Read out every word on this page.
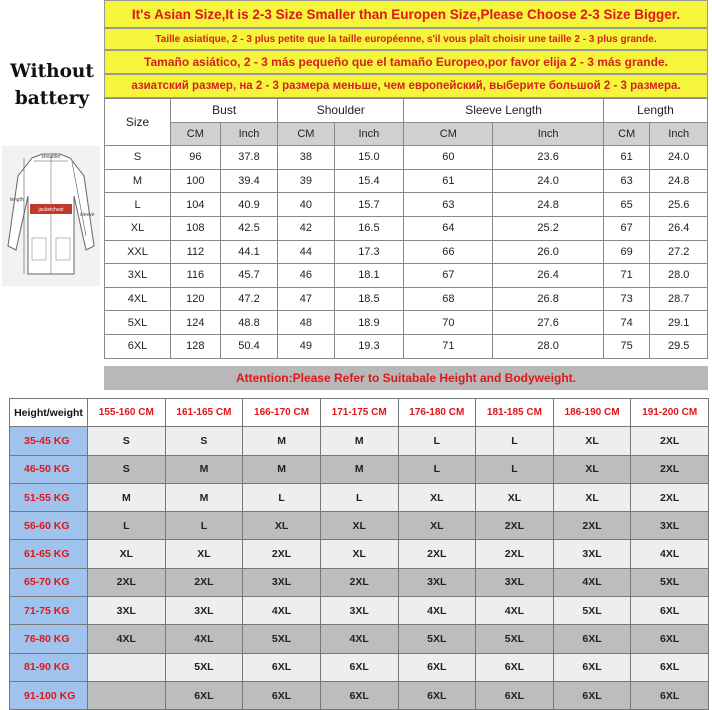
It's Asian Size,It is 2-3 Size Smaller than Europen Size,Please Choose 2-3 Size Bigger.
Taille asiatique, 2 - 3 plus petite que la taille européenne, s'il vous plaît choisir une taille 2 - 3 plus grande.
Tamaño asiático, 2 - 3 más pequeño que el tamaño Europeo,por favor elija 2 - 3 más grande.
азиатский размер, на 2 - 3 размера меньше, чем европейский, выберите большой 2 - 3 размера.
Without
battery
shoulder
length
sleeve
jacketchest
Size	Bust		Shoulder		Sleeve Length		Length	
	CM	Inch	CM	Inch	CM	Inch	CM	Inch
S	96	37.8	38	15.0	60	23.6	61	24.0
M	100	39.4	39	15.4	61	24.0	63	24.8
L	104	40.9	40	15.7	63	24.8	65	25.6
XL	108	42.5	42	16.5	64	25.2	67	26.4
XXL	112	44.1	44	17.3	66	26.0	69	27.2
3XL	116	45.7	46	18.1	67	26.4	71	28.0
4XL	120	47.2	47	18.5	68	26.8	73	28.7
5XL	124	48.8	48	18.9	70	27.6	74	29.1
6XL	128	50.4	49	19.3	71	28.0	75	29.5
Attention:Please Refer to Suitabale Height and Bodyweight.
Height/weight	155-160 CM	161-165 CM	166-170 CM	171-175 CM	176-180 CM	181-185 CM	186-190 CM	191-200 CM
35-45 KG	S	S	M	M	L	L	XL	2XL
46-50 KG	S	M	M	M	L	L	XL	2XL
51-55 KG	M	M	L	L	XL	XL	XL	2XL
56-60 KG	L	L	XL	XL	XL	2XL	2XL	3XL
61-65 KG	XL	XL	2XL	XL	2XL	2XL	3XL	4XL
65-70 KG	2XL	2XL	3XL	2XL	3XL	3XL	4XL	5XL
71-75 KG	3XL	3XL	4XL	3XL	4XL	4XL	5XL	6XL
76-80 KG	4XL	4XL	5XL	4XL	5XL	5XL	6XL	6XL
81-90 KG		5XL	6XL	6XL	6XL	6XL	6XL	6XL
91-100 KG		6XL	6XL	6XL	6XL	6XL	6XL	6XL
